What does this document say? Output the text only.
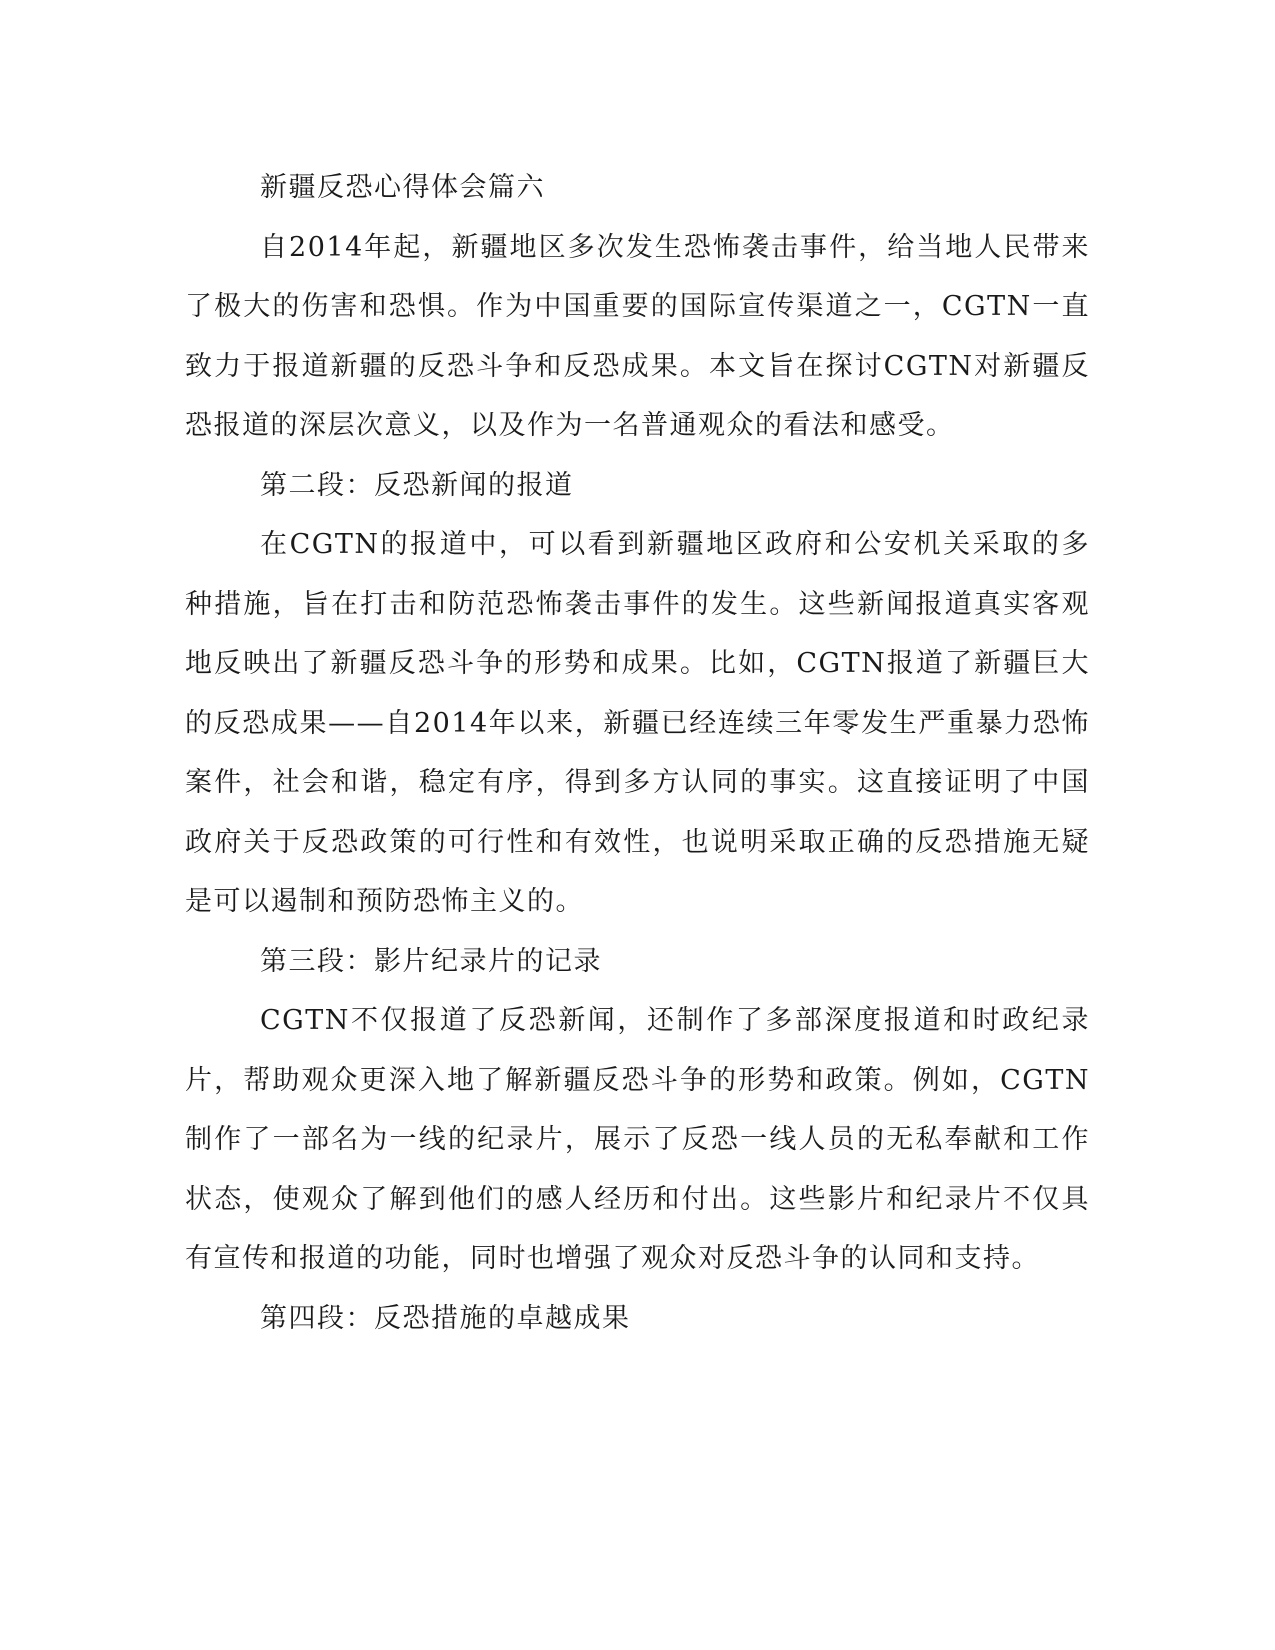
新疆反恐心得体会篇六

自2014年起，新疆地区多次发生恐怖袭击事件，给当地人民带来了极大的伤害和恐惧。作为中国重要的国际宣传渠道之一，CGTN一直致力于报道新疆的反恐斗争和反恐成果。本文旨在探讨CGTN对新疆反恐报道的深层次意义，以及作为一名普通观众的看法和感受。

第二段：反恐新闻的报道

在CGTN的报道中，可以看到新疆地区政府和公安机关采取的多种措施，旨在打击和防范恐怖袭击事件的发生。这些新闻报道真实客观地反映出了新疆反恐斗争的形势和成果。比如，CGTN报道了新疆巨大的反恐成果——自2014年以来，新疆已经连续三年零发生严重暴力恐怖案件，社会和谐，稳定有序，得到多方认同的事实。这直接证明了中国政府关于反恐政策的可行性和有效性，也说明采取正确的反恐措施无疑是可以遏制和预防恐怖主义的。

第三段：影片纪录片的记录

CGTN不仅报道了反恐新闻，还制作了多部深度报道和时政纪录片，帮助观众更深入地了解新疆反恐斗争的形势和政策。例如，CGTN制作了一部名为一线的纪录片，展示了反恐一线人员的无私奉献和工作状态，使观众了解到他们的感人经历和付出。这些影片和纪录片不仅具有宣传和报道的功能，同时也增强了观众对反恐斗争的认同和支持。

第四段：反恐措施的卓越成果
